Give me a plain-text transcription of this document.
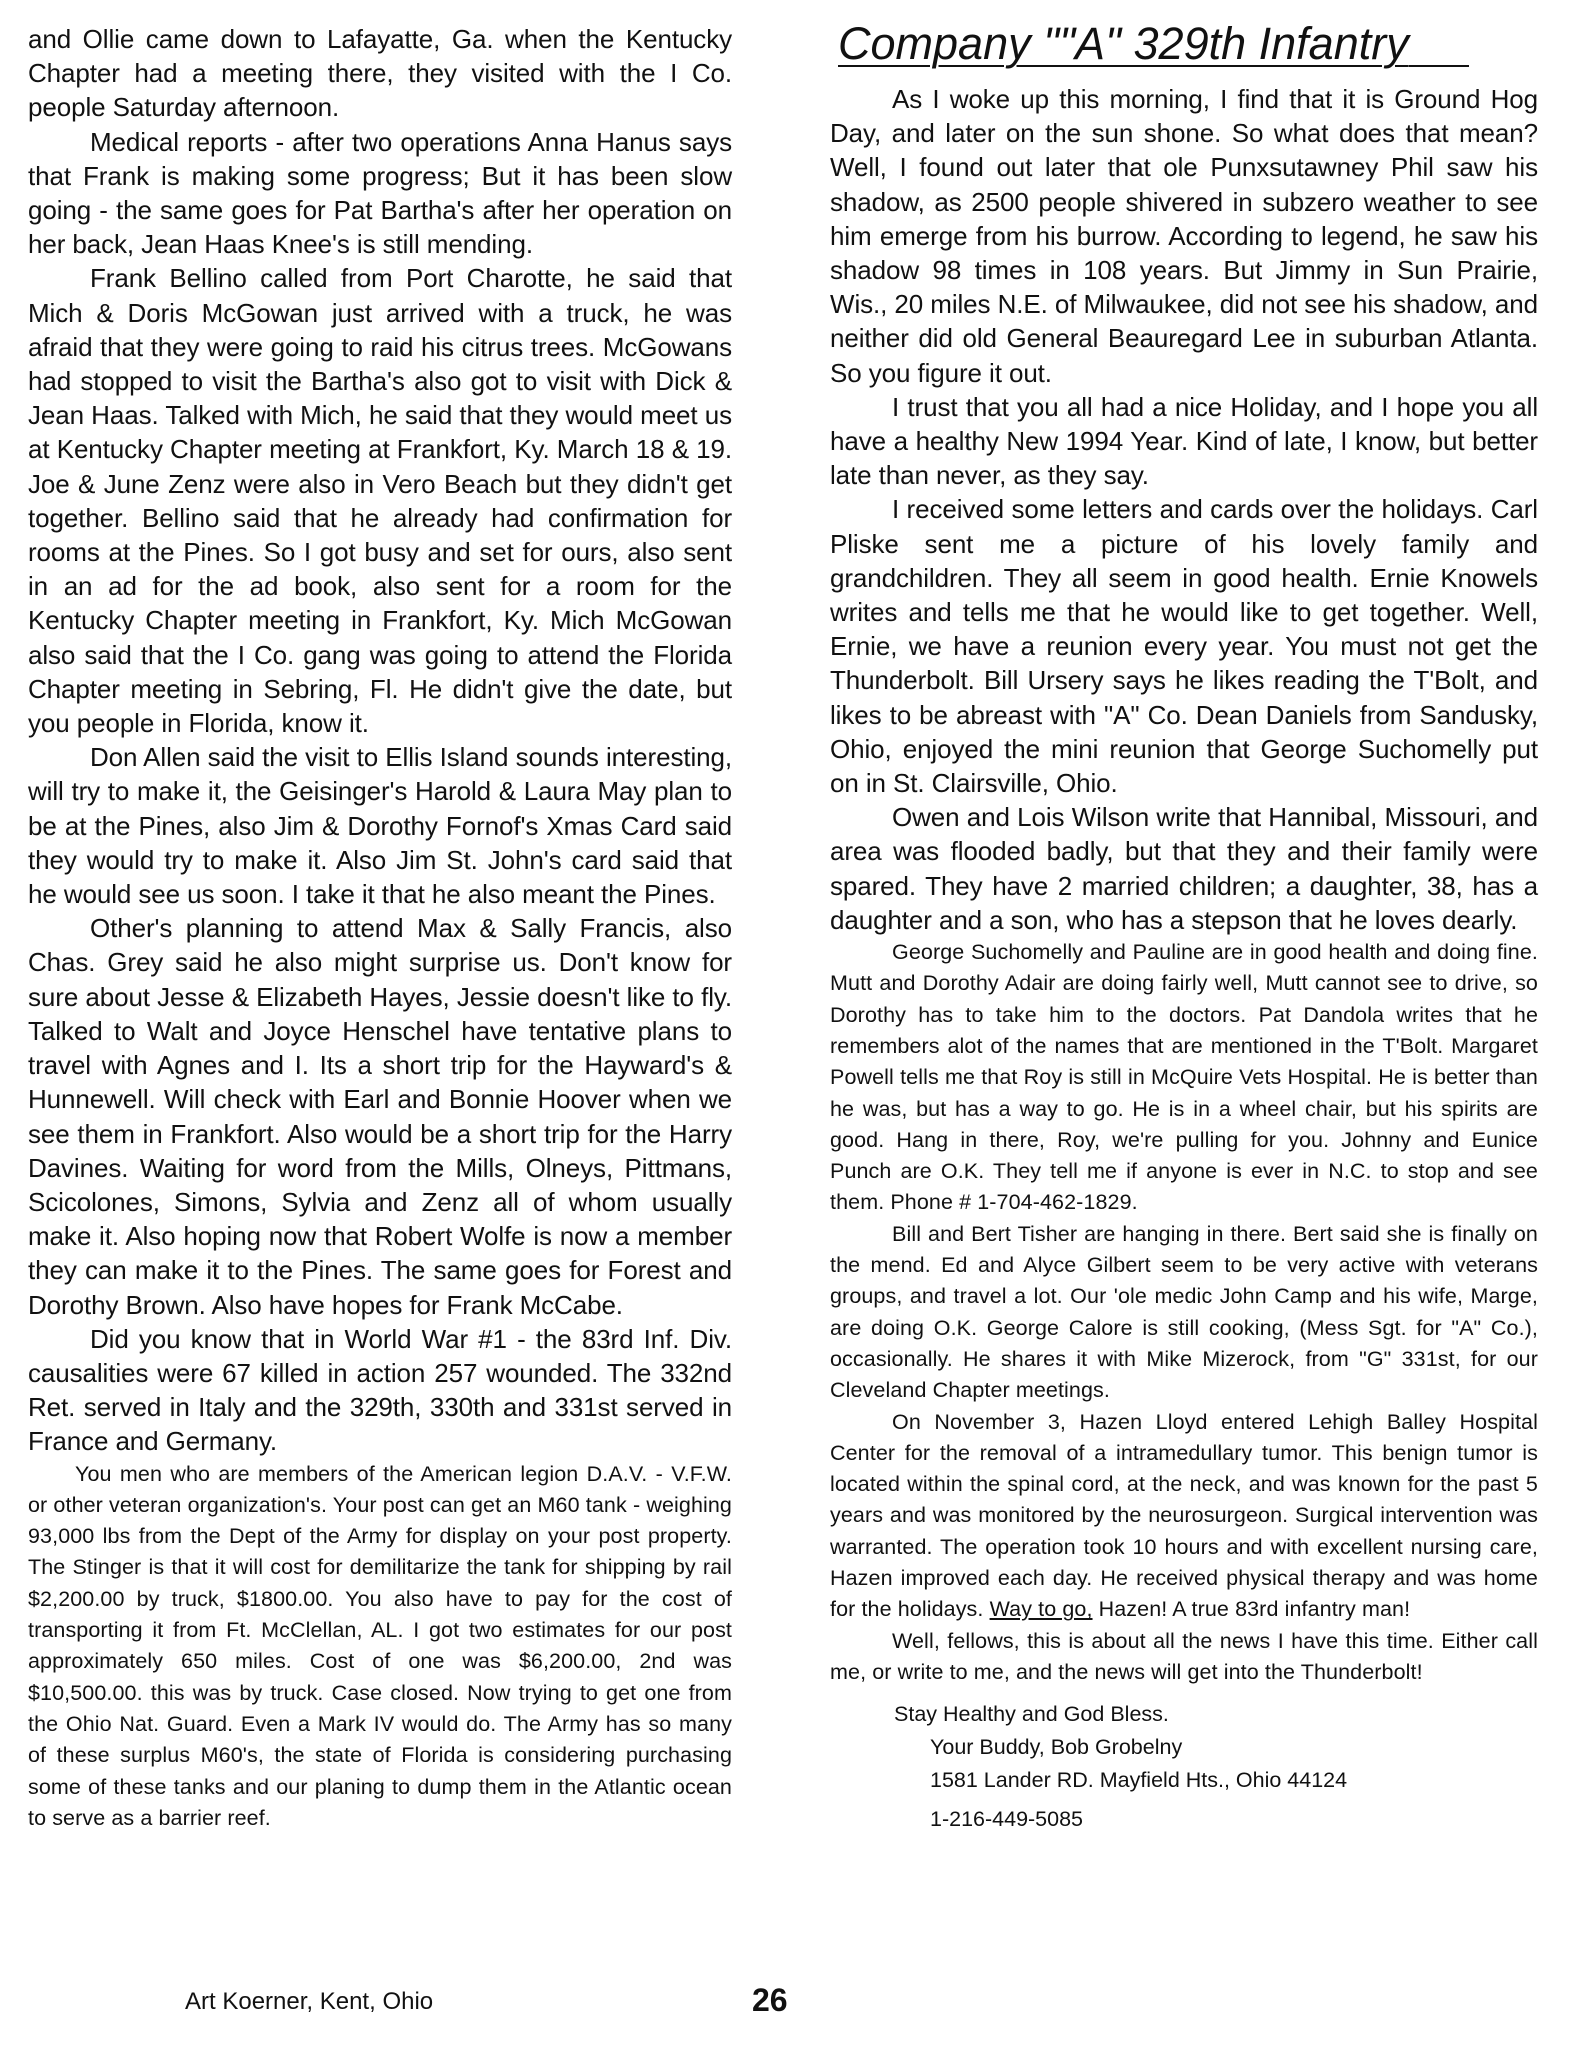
and Ollie came down to Lafayatte, Ga. when the Kentucky Chapter had a meeting there, they visited with the I Co. people Saturday afternoon.

Medical reports - after two operations Anna Hanus says that Frank is making some progress; But it has been slow going - the same goes for Pat Bartha's after her operation on her back, Jean Haas Knee's is still mending.

Frank Bellino called from Port Charotte, he said that Mich & Doris McGowan just arrived with a truck, he was afraid that they were going to raid his citrus trees. McGowans had stopped to visit the Bartha's also got to visit with Dick & Jean Haas. Talked with Mich, he said that they would meet us at Kentucky Chapter meeting at Frankfort, Ky. March 18 & 19. Joe & June Zenz were also in Vero Beach but they didn't get together. Bellino said that he already had confirmation for rooms at the Pines. So I got busy and set for ours, also sent in an ad for the ad book, also sent for a room for the Kentucky Chapter meeting in Frankfort, Ky. Mich McGowan also said that the I Co. gang was going to attend the Florida Chapter meeting in Sebring, Fl. He didn't give the date, but you people in Florida, know it.

Don Allen said the visit to Ellis Island sounds interesting, will try to make it, the Geisinger's Harold & Laura May plan to be at the Pines, also Jim & Dorothy Fornof's Xmas Card said they would try to make it. Also Jim St. John's card said that he would see us soon. I take it that he also meant the Pines.

Other's planning to attend Max & Sally Francis, also Chas. Grey said he also might surprise us. Don't know for sure about Jesse & Elizabeth Hayes, Jessie doesn't like to fly. Talked to Walt and Joyce Henschel have tentative plans to travel with Agnes and I. Its a short trip for the Hayward's & Hunnewell. Will check with Earl and Bonnie Hoover when we see them in Frankfort. Also would be a short trip for the Harry Davines. Waiting for word from the Mills, Olneys, Pittmans, Scicolones, Simons, Sylvia and Zenz all of whom usually make it. Also hoping now that Robert Wolfe is now a member they can make it to the Pines. The same goes for Forest and Dorothy Brown. Also have hopes for Frank McCabe.

Did you know that in World War #1 - the 83rd Inf. Div. causalities were 67 killed in action 257 wounded. The 332nd Ret. served in Italy and the 329th, 330th and 331st served in France and Germany.

You men who are members of the American legion D.A.V. - V.F.W. or other veteran organization's. Your post can get an M60 tank - weighing 93,000 lbs from the Dept of the Army for display on your post property. The Stinger is that it will cost for demilitarize the tank for shipping by rail $2,200.00 by truck, $1800.00. You also have to pay for the cost of transporting it from Ft. McClellan, AL. I got two estimates for our post approximately 650 miles. Cost of one was $6,200.00, 2nd was $10,500.00. this was by truck. Case closed. Now trying to get one from the Ohio Nat. Guard. Even a Mark IV would do. The Army has so many of these surplus M60's, the state of Florida is considering purchasing some of these tanks and our planing to dump them in the Atlantic ocean to serve as a barrier reef.

Company ""A" 329th Infantry

As I woke up this morning, I find that it is Ground Hog Day, and later on the sun shone. So what does that mean? Well, I found out later that ole Punxsutawney Phil saw his shadow, as 2500 people shivered in subzero weather to see him emerge from his burrow. According to legend, he saw his shadow 98 times in 108 years. But Jimmy in Sun Prairie, Wis., 20 miles N.E. of Milwaukee, did not see his shadow, and neither did old General Beauregard Lee in suburban Atlanta. So you figure it out.

I trust that you all had a nice Holiday, and I hope you all have a healthy New 1994 Year. Kind of late, I know, but better late than never, as they say.

I received some letters and cards over the holidays. Carl Pliske sent me a picture of his lovely family and grandchildren. They all seem in good health. Ernie Knowels writes and tells me that he would like to get together. Well, Ernie, we have a reunion every year. You must not get the Thunderbolt. Bill Ursery says he likes reading the T'Bolt, and likes to be abreast with "A" Co. Dean Daniels from Sandusky, Ohio, enjoyed the mini reunion that George Suchomelly put on in St. Clairsville, Ohio.

Owen and Lois Wilson write that Hannibal, Missouri, and area was flooded badly, but that they and their family were spared. They have 2 married children; a daughter, 38, has a daughter and a son, who has a stepson that he loves dearly.

George Suchomelly and Pauline are in good health and doing fine. Mutt and Dorothy Adair are doing fairly well, Mutt cannot see to drive, so Dorothy has to take him to the doctors. Pat Dandola writes that he remembers alot of the names that are mentioned in the T'Bolt. Margaret Powell tells me that Roy is still in McQuire Vets Hospital. He is better than he was, but has a way to go. He is in a wheel chair, but his spirits are good. Hang in there, Roy, we're pulling for you. Johnny and Eunice Punch are O.K. They tell me if anyone is ever in N.C. to stop and see them. Phone # 1-704-462-1829.

Bill and Bert Tisher are hanging in there. Bert said she is finally on the mend. Ed and Alyce Gilbert seem to be very active with veterans groups, and travel a lot. Our 'ole medic John Camp and his wife, Marge, are doing O.K. George Calore is still cooking, (Mess Sgt. for "A" Co.), occasionally. He shares it with Mike Mizerock, from "G" 331st, for our Cleveland Chapter meetings.

On November 3, Hazen Lloyd entered Lehigh Balley Hospital Center for the removal of a intramedullary tumor. This benign tumor is located within the spinal cord, at the neck, and was known for the past 5 years and was monitored by the neurosurgeon. Surgical intervention was warranted. The operation took 10 hours and with excellent nursing care, Hazen improved each day. He received physical therapy and was home for the holidays. Way to go, Hazen! A true 83rd infantry man!

Well, fellows, this is about all the news I have this time. Either call me, or write to me, and the news will get into the Thunderbolt!

Stay Healthy and God Bless.

Your Buddy, Bob Grobelny

1581 Lander RD. Mayfield Hts., Ohio 44124

1-216-449-5085

Art Koerner, Kent, Ohio	26
